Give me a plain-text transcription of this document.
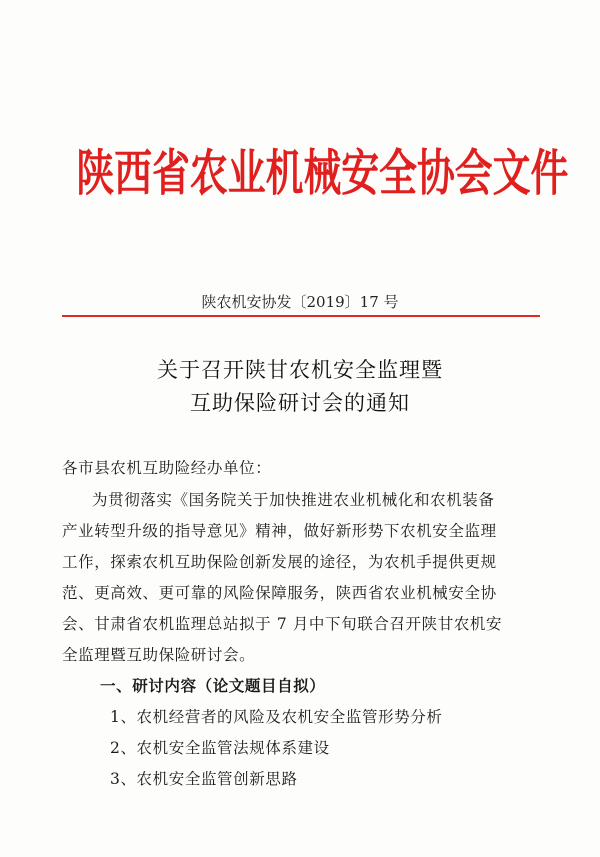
陕西省农业机械安全协会文件
陕农机安协发〔2019〕17 号
关于召开陕甘农机安全监理暨
互助保险研讨会的通知
各市县农机互助险经办单位：
为贯彻落实《国务院关于加快推进农业机械化和农机装备
产业转型升级的指导意见》精神，做好新形势下农机安全监理
工作，探索农机互助保险创新发展的途径，为农机手提供更规
范、更高效、更可靠的风险保障服务，陕西省农业机械安全协
会、甘肃省农机监理总站拟于 7 月中下旬联合召开陕甘农机安
全监理暨互助保险研讨会。
一、研讨内容（论文题目自拟）
1、农机经营者的风险及农机安全监管形势分析
2、农机安全监管法规体系建设
3、农机安全监管创新思路
